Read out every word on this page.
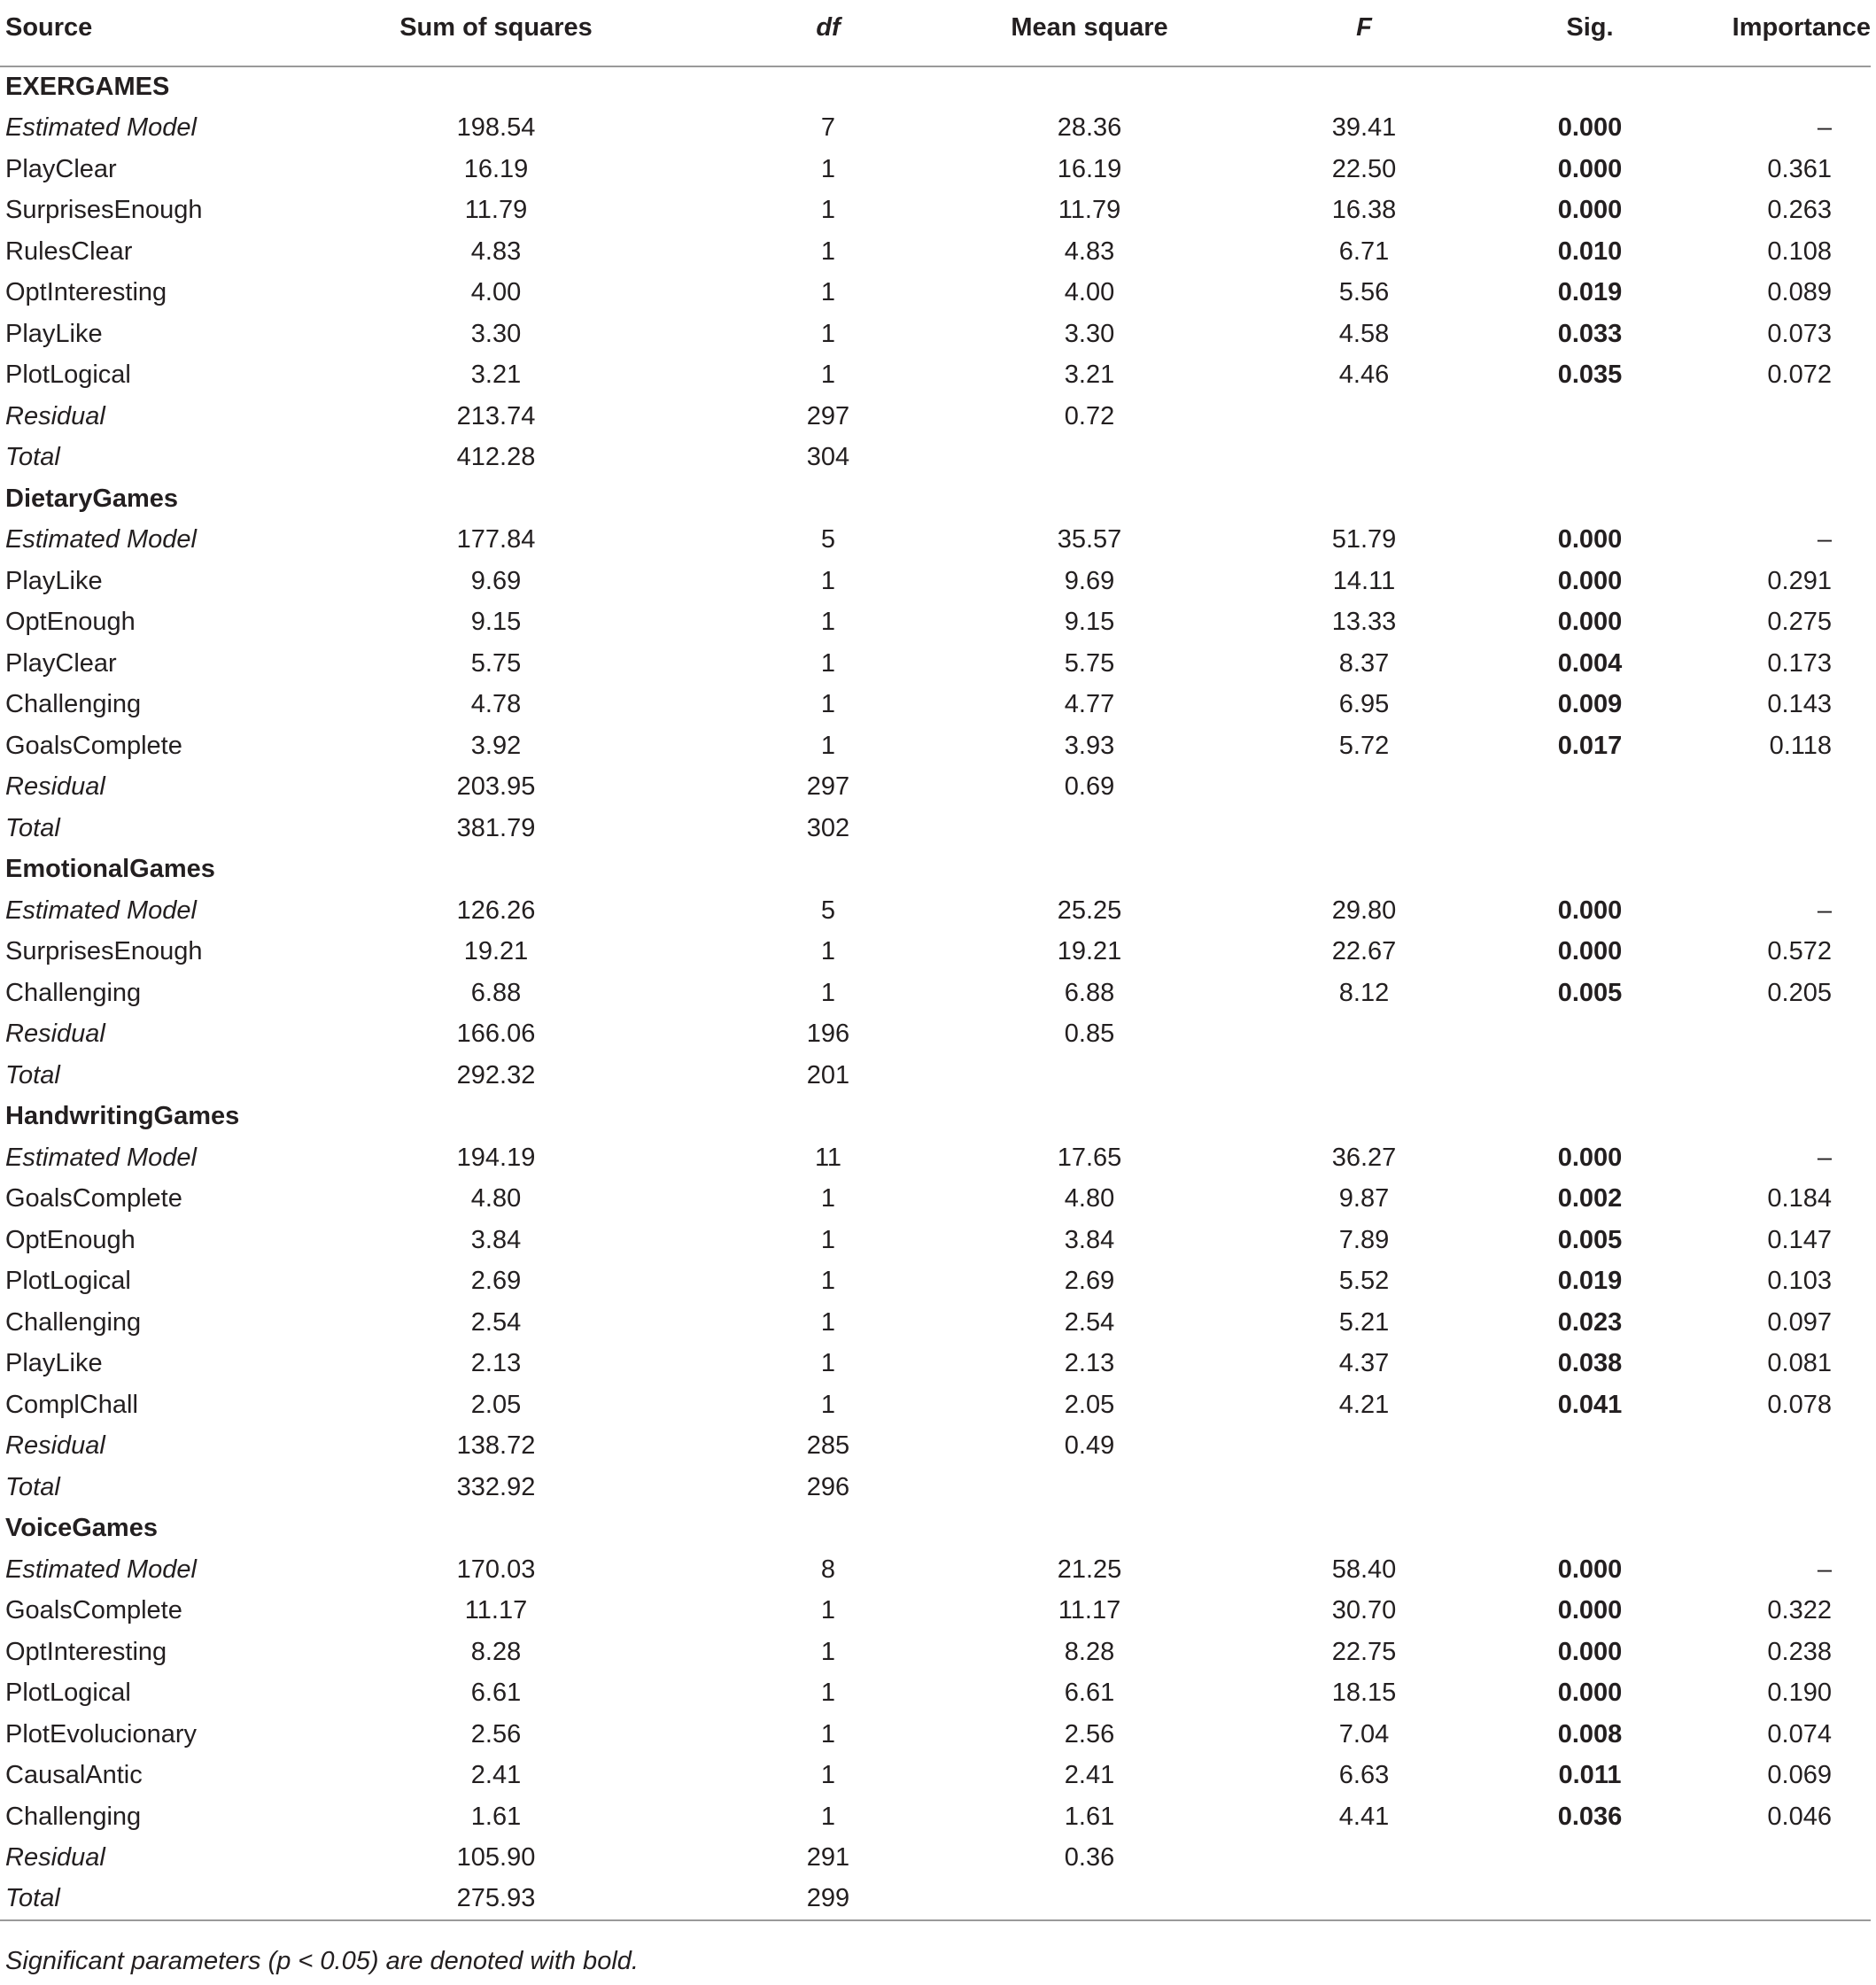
Source	Sum of squares	df	Mean square	F	Sig.	Importance
EXERGAMES						
Estimated Model	198.54	7	28.36	39.41	0.000	–
PlayClear	16.19	1	16.19	22.50	0.000	0.361
SurprisesEnough	11.79	1	11.79	16.38	0.000	0.263
RulesClear	4.83	1	4.83	6.71	0.010	0.108
OptInteresting	4.00	1	4.00	5.56	0.019	0.089
PlayLike	3.30	1	3.30	4.58	0.033	0.073
PlotLogical	3.21	1	3.21	4.46	0.035	0.072
Residual	213.74	297	0.72			
Total	412.28	304				
DietaryGames						
Estimated Model	177.84	5	35.57	51.79	0.000	–
PlayLike	9.69	1	9.69	14.11	0.000	0.291
OptEnough	9.15	1	9.15	13.33	0.000	0.275
PlayClear	5.75	1	5.75	8.37	0.004	0.173
Challenging	4.78	1	4.77	6.95	0.009	0.143
GoalsComplete	3.92	1	3.93	5.72	0.017	0.118
Residual	203.95	297	0.69			
Total	381.79	302				
EmotionalGames						
Estimated Model	126.26	5	25.25	29.80	0.000	–
SurprisesEnough	19.21	1	19.21	22.67	0.000	0.572
Challenging	6.88	1	6.88	8.12	0.005	0.205
Residual	166.06	196	0.85			
Total	292.32	201				
HandwritingGames						
Estimated Model	194.19	11	17.65	36.27	0.000	–
GoalsComplete	4.80	1	4.80	9.87	0.002	0.184
OptEnough	3.84	1	3.84	7.89	0.005	0.147
PlotLogical	2.69	1	2.69	5.52	0.019	0.103
Challenging	2.54	1	2.54	5.21	0.023	0.097
PlayLike	2.13	1	2.13	4.37	0.038	0.081
ComplChall	2.05	1	2.05	4.21	0.041	0.078
Residual	138.72	285	0.49			
Total	332.92	296				
VoiceGames						
Estimated Model	170.03	8	21.25	58.40	0.000	–
GoalsComplete	11.17	1	11.17	30.70	0.000	0.322
OptInteresting	8.28	1	8.28	22.75	0.000	0.238
PlotLogical	6.61	1	6.61	18.15	0.000	0.190
PlotEvolucionary	2.56	1	2.56	7.04	0.008	0.074
CausalAntic	2.41	1	2.41	6.63	0.011	0.069
Challenging	1.61	1	1.61	4.41	0.036	0.046
Residual	105.90	291	0.36			
Total	275.93	299				
Significant parameters (p < 0.05) are denoted with bold.
